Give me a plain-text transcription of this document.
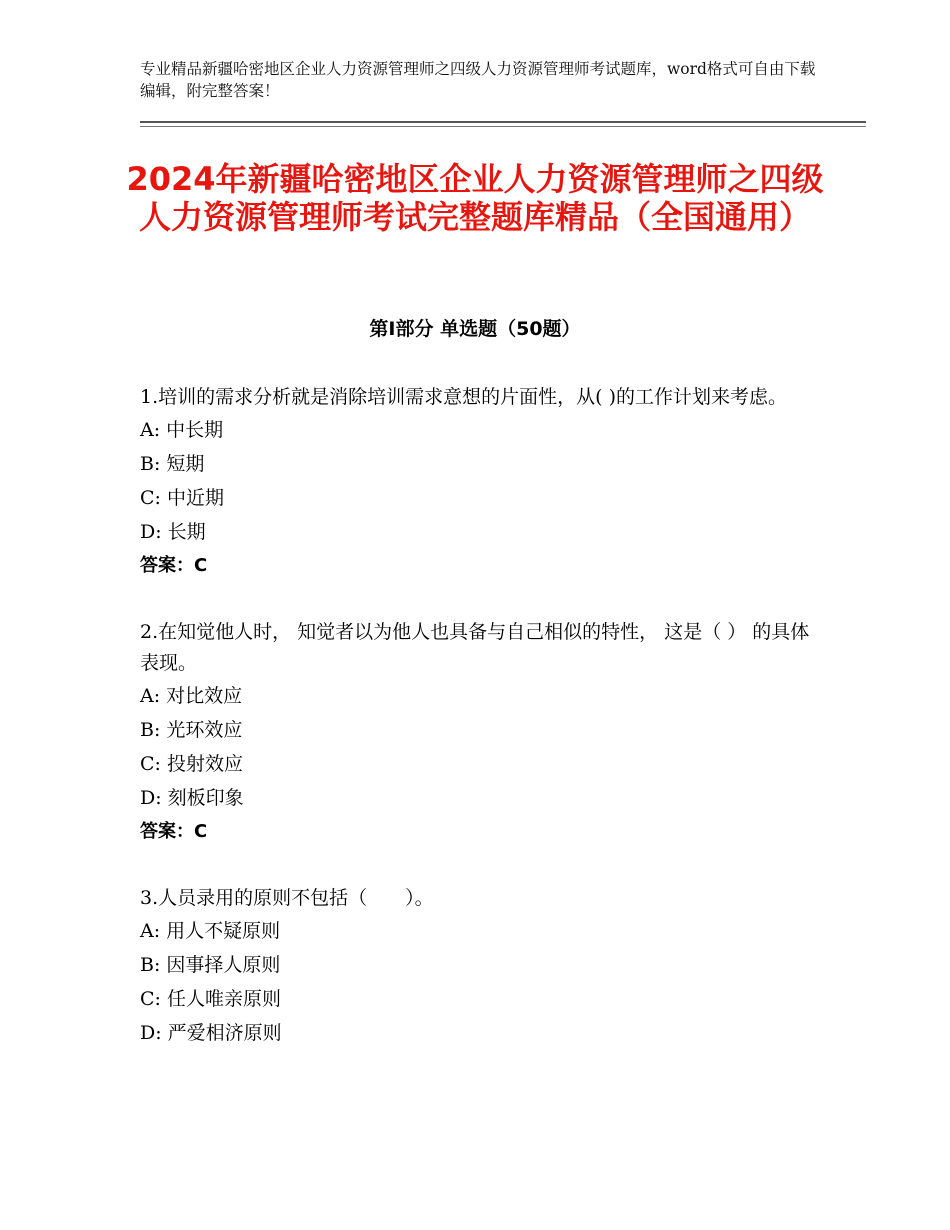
专业精品新疆哈密地区企业人力资源管理师之四级人力资源管理师考试题库，word格式可自由下载编辑，附完整答案！
2024年新疆哈密地区企业人力资源管理师之四级人力资源管理师考试完整题库精品（全国通用）
第Ⅰ部分 单选题（50题）
1.培训的需求分析就是消除培训需求意想的片面性，从( )的工作计划来考虑。
A: 中长期
B: 短期
C: 中近期
D: 长期
答案：C
2.在知觉他人时， 知觉者以为他人也具备与自己相似的特性， 这是（ ） 的具体表现。
A: 对比效应
B: 光环效应
C: 投射效应
D: 刻板印象
答案：C
3.人员录用的原则不包括（　　）。
A: 用人不疑原则
B: 因事择人原则
C: 任人唯亲原则
D: 严爱相济原则
